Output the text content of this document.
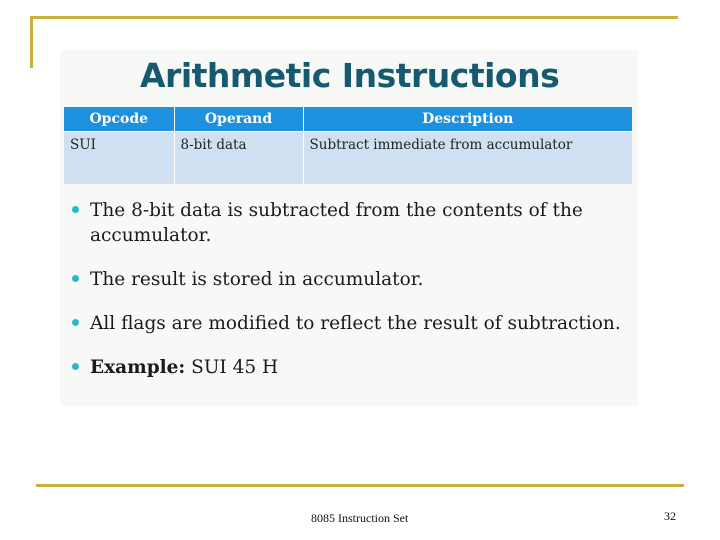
Arithmetic Instructions
Opcode	Operand	Description
SUI	8-bit data	Subtract immediate from accumulator
The 8-bit data is subtracted from the contents of the accumulator.
The result is stored in accumulator.
All flags are modified to reflect the result of subtraction.
Example: SUI 45 H
8085 Instruction Set	32
